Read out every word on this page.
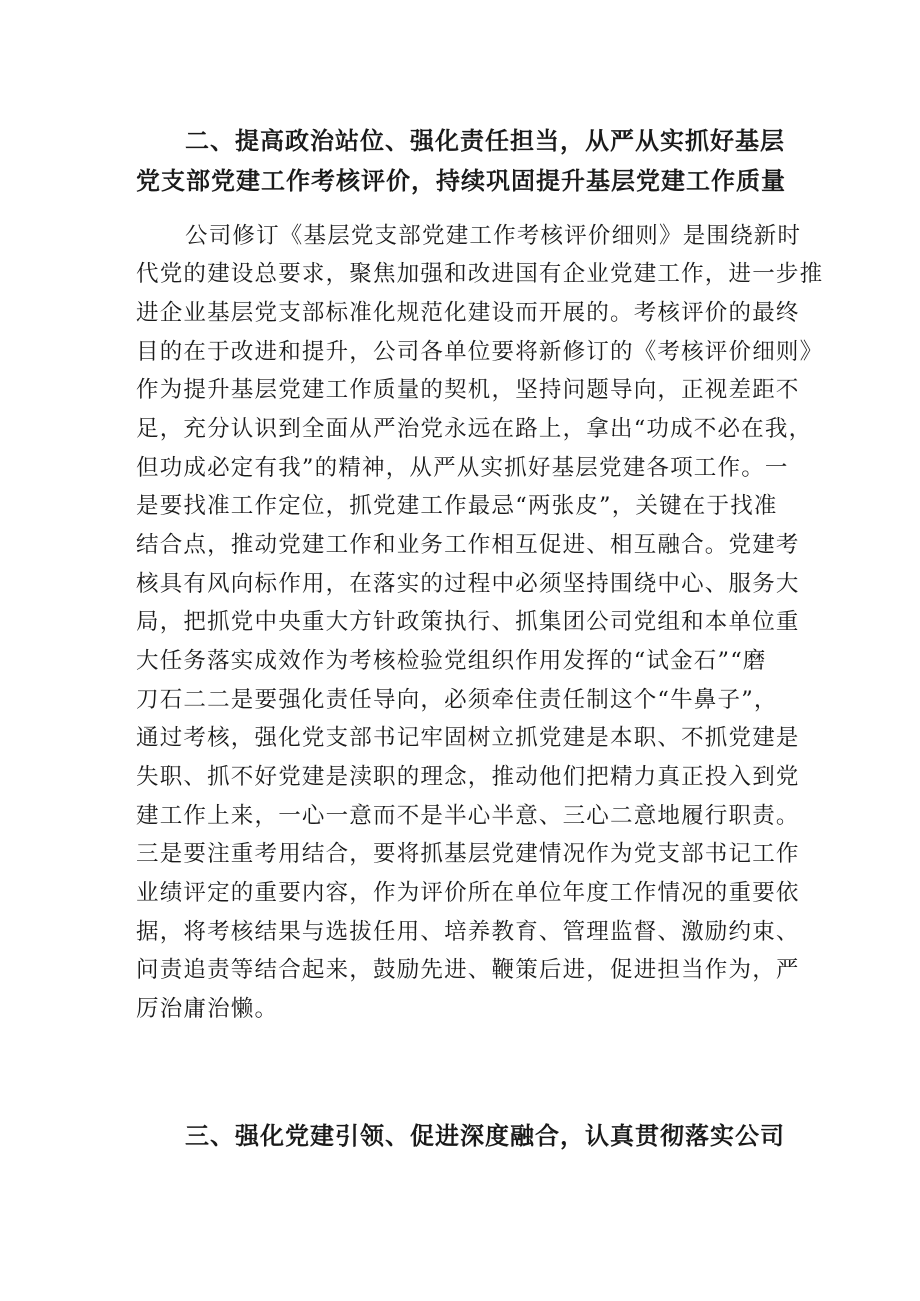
二、提高政治站位、强化责任担当，从严从实抓好基层
党支部党建工作考核评价，持续巩固提升基层党建工作质量

公司修订《基层党支部党建工作考核评价细则》是围绕新时

代党的建设总要求，聚焦加强和改进国有企业党建工作，进一步推

进企业基层党支部标准化规范化建设而开展的。考核评价的最终

目的在于改进和提升，公司各单位要将新修订的《考核评价细则》

作为提升基层党建工作质量的契机，坚持问题导向，正视差距不

足，充分认识到全面从严治党永远在路上，拿出“功成不必在我，

但功成必定有我”的精神，从严从实抓好基层党建各项工作。一

是要找准工作定位，抓党建工作最忌“两张皮”，关键在于找准

结合点，推动党建工作和业务工作相互促进、相互融合。党建考

核具有风向标作用，在落实的过程中必须坚持围绕中心、服务大

局，把抓党中央重大方针政策执行、抓集团公司党组和本单位重

大任务落实成效作为考核检验党组织作用发挥的“试金石”“磨

刀石二二是要强化责任导向，必须牵住责任制这个“牛鼻子”，

通过考核，强化党支部书记牢固树立抓党建是本职、不抓党建是

失职、抓不好党建是渎职的理念，推动他们把精力真正投入到党

建工作上来，一心一意而不是半心半意、三心二意地履行职责。

三是要注重考用结合，要将抓基层党建情况作为党支部书记工作

业绩评定的重要内容，作为评价所在单位年度工作情况的重要依

据，将考核结果与选拔任用、培养教育、管理监督、激励约束、

问责追责等结合起来，鼓励先进、鞭策后进，促进担当作为，严

厉治庸治懒。

三、强化党建引领、促进深度融合，认真贯彻落实公司
